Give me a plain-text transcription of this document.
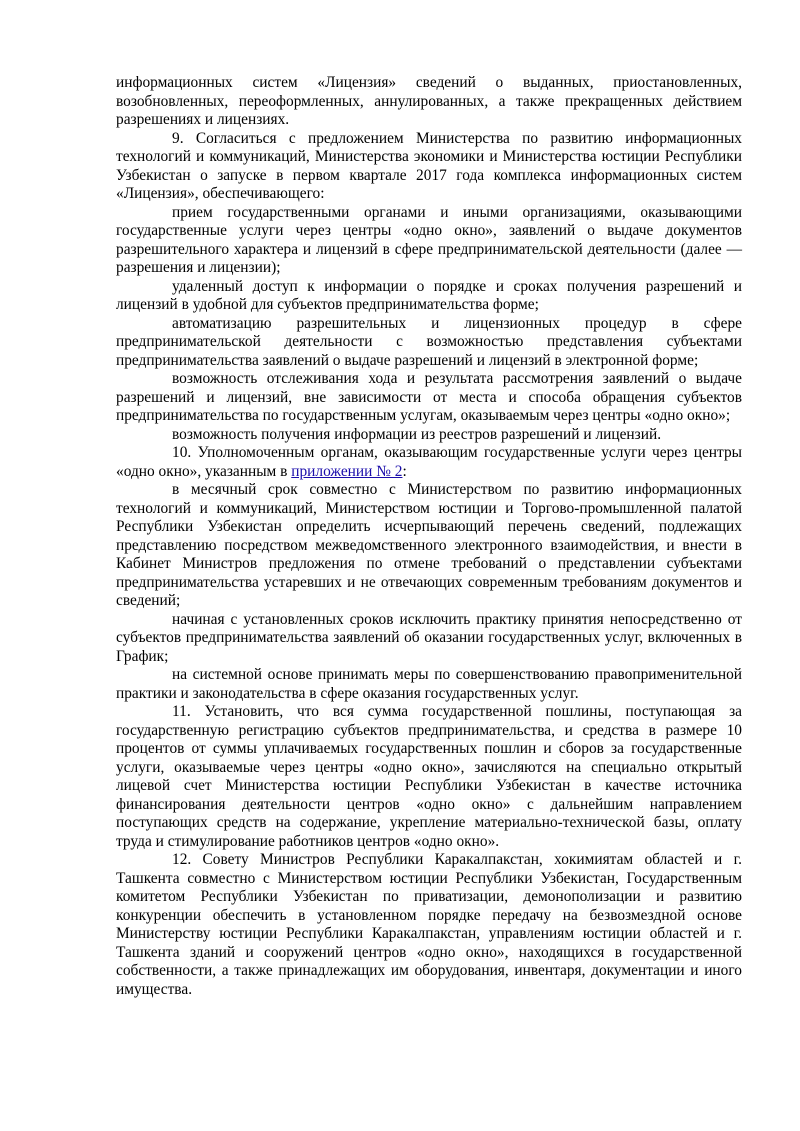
информационных систем «Лицензия» сведений о выданных, приостановленных, возобновленных, переоформленных, аннулированных, а также прекращенных действием разрешениях и лицензиях.

9. Согласиться с предложением Министерства по развитию информационных технологий и коммуникаций, Министерства экономики и Министерства юстиции Республики Узбекистан о запуске в первом квартале 2017 года комплекса информационных систем «Лицензия», обеспечивающего:

прием государственными органами и иными организациями, оказывающими государственные услуги через центры «одно окно», заявлений о выдаче документов разрешительного характера и лицензий в сфере предпринимательской деятельности (далее — разрешения и лицензии);

удаленный доступ к информации о порядке и сроках получения разрешений и лицензий в удобной для субъектов предпринимательства форме;

автоматизацию разрешительных и лицензионных процедур в сфере предпринимательской деятельности с возможностью представления субъектами предпринимательства заявлений о выдаче разрешений и лицензий в электронной форме;

возможность отслеживания хода и результата рассмотрения заявлений о выдаче разрешений и лицензий, вне зависимости от места и способа обращения субъектов предпринимательства по государственным услугам, оказываемым через центры «одно окно»;

возможность получения информации из реестров разрешений и лицензий.

10. Уполномоченным органам, оказывающим государственные услуги через центры «одно окно», указанным в приложении № 2:

в месячный срок совместно с Министерством по развитию информационных технологий и коммуникаций, Министерством юстиции и Торгово-промышленной палатой Республики Узбекистан определить исчерпывающий перечень сведений, подлежащих представлению посредством межведомственного электронного взаимодействия, и внести в Кабинет Министров предложения по отмене требований о представлении субъектами предпринимательства устаревших и не отвечающих современным требованиям документов и сведений;

начиная с установленных сроков исключить практику принятия непосредственно от субъектов предпринимательства заявлений об оказании государственных услуг, включенных в График;

на системной основе принимать меры по совершенствованию правоприменительной практики и законодательства в сфере оказания государственных услуг.

11. Установить, что вся сумма государственной пошлины, поступающая за государственную регистрацию субъектов предпринимательства, и средства в размере 10 процентов от суммы уплачиваемых государственных пошлин и сборов за государственные услуги, оказываемые через центры «одно окно», зачисляются на специально открытый лицевой счет Министерства юстиции Республики Узбекистан в качестве источника финансирования деятельности центров «одно окно» с дальнейшим направлением поступающих средств на содержание, укрепление материально-технической базы, оплату труда и стимулирование работников центров «одно окно».

12. Совету Министров Республики Каракалпакстан, хокимиятам областей и г. Ташкента совместно с Министерством юстиции Республики Узбекистан, Государственным комитетом Республики Узбекистан по приватизации, демонополизации и развитию конкуренции обеспечить в установленном порядке передачу на безвозмездной основе Министерству юстиции Республики Каракалпакстан, управлениям юстиции областей и г. Ташкента зданий и сооружений центров «одно окно», находящихся в государственной собственности, а также принадлежащих им оборудования, инвентаря, документации и иного имущества.
